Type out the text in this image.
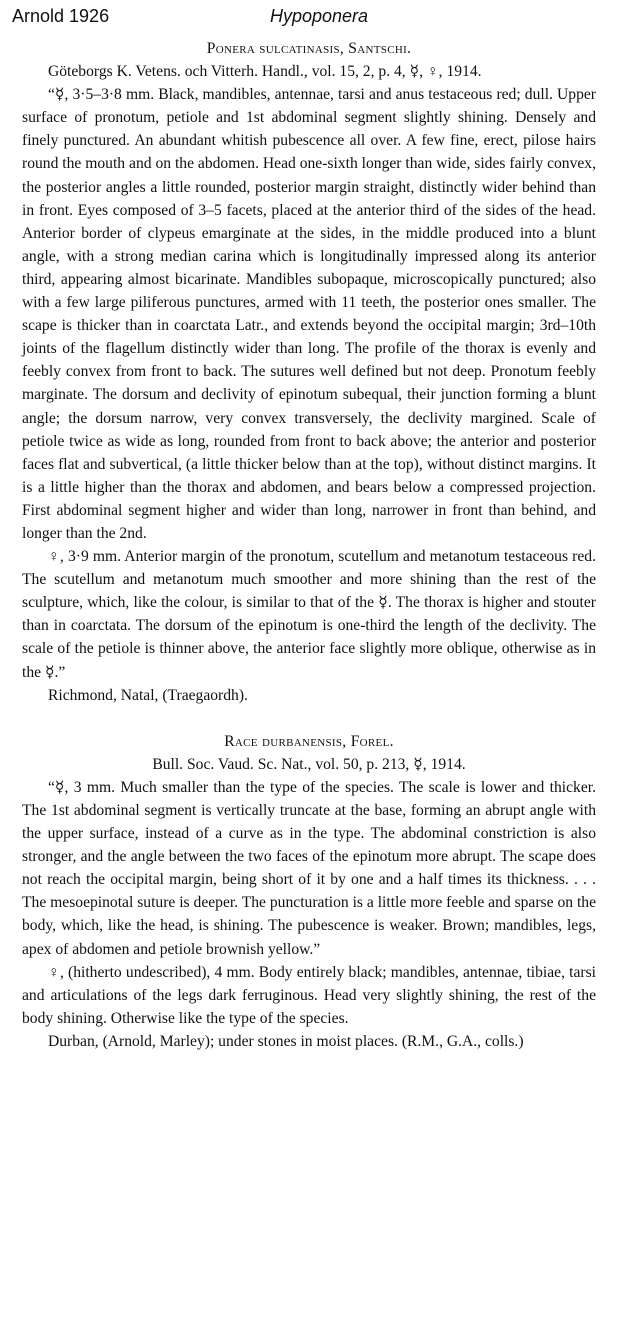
Arnold 1926	Hypoponera

Ponera sulcatinasis, Santschi.

Göteborgs K. Vetens. och Vitterh. Handl., vol. 15, 2, p. 4, ☿, ♀, 1914.

“☿, 3·5–3·8 mm. Black, mandibles, antennae, tarsi and anus testaceous red; dull. Upper surface of pronotum, petiole and 1st abdominal segment slightly shining. Densely and finely punctured. An abundant whitish pubescence all over. A few fine, erect, pilose hairs round the mouth and on the abdomen. Head one-sixth longer than wide, sides fairly convex, the posterior angles a little rounded, posterior margin straight, distinctly wider behind than in front. Eyes composed of 3–5 facets, placed at the anterior third of the sides of the head. Anterior border of clypeus emarginate at the sides, in the middle produced into a blunt angle, with a strong median carina which is longitudinally impressed along its anterior third, appearing almost bicarinate. Mandibles subopaque, microscopically punctured; also with a few large piliferous punctures, armed with 11 teeth, the posterior ones smaller. The scape is thicker than in coarctata Latr., and extends beyond the occipital margin; 3rd–10th joints of the flagellum distinctly wider than long. The profile of the thorax is evenly and feebly convex from front to back. The sutures well defined but not deep. Pronotum feebly marginate. The dorsum and declivity of epinotum subequal, their junction forming a blunt angle; the dorsum narrow, very convex transversely, the declivity margined. Scale of petiole twice as wide as long, rounded from front to back above; the anterior and posterior faces flat and subvertical, (a little thicker below than at the top), without distinct margins. It is a little higher than the thorax and abdomen, and bears below a compressed projection. First abdominal segment higher and wider than long, narrower in front than behind, and longer than the 2nd.

♀, 3·9 mm. Anterior margin of the pronotum, scutellum and metanotum testaceous red. The scutellum and metanotum much smoother and more shining than the rest of the sculpture, which, like the colour, is similar to that of the ☿. The thorax is higher and stouter than in coarctata. The dorsum of the epinotum is one-third the length of the declivity. The scale of the petiole is thinner above, the anterior face slightly more oblique, otherwise as in the ☿.”

Richmond, Natal, (Traegaordh).

Race durbanensis, Forel.

Bull. Soc. Vaud. Sc. Nat., vol. 50, p. 213, ☿, 1914.

“☿, 3 mm. Much smaller than the type of the species. The scale is lower and thicker. The 1st abdominal segment is vertically truncate at the base, forming an abrupt angle with the upper surface, instead of a curve as in the type. The abdominal constriction is also stronger, and the angle between the two faces of the epinotum more abrupt. The scape does not reach the occipital margin, being short of it by one and a half times its thickness. . . . The mesoepinotal suture is deeper. The puncturation is a little more feeble and sparse on the body, which, like the head, is shining. The pubescence is weaker. Brown; mandibles, legs, apex of abdomen and petiole brownish yellow.”

♀, (hitherto undescribed), 4 mm. Body entirely black; mandibles, antennae, tibiae, tarsi and articulations of the legs dark ferruginous. Head very slightly shining, the rest of the body shining. Otherwise like the type of the species.

Durban, (Arnold, Marley); under stones in moist places. (R.M., G.A., colls.)
